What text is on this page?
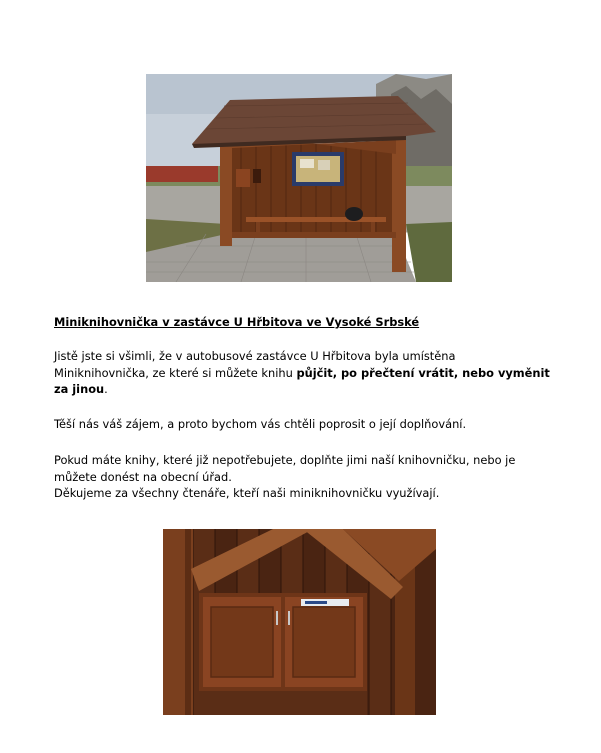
Miniknihovnička v zastávce U Hřbitova ve Vysoké Srbské
Jistě jste si všimli, že v autobusové zastávce U Hřbitova byla umístěna
Miniknihovnička, ze které si můžete knihu půjčit, po přečtení vrátit, nebo vyměnit
za jinou.
Těší nás váš zájem, a proto bychom vás chtěli poprosit o její doplňování.
Pokud máte knihy, které již nepotřebujete, doplňte jimi naší knihovničku, nebo je
můžete donést na obecní úřad.
Děkujeme za všechny čtenáře, kteří naši miniknihovničku využívají.
